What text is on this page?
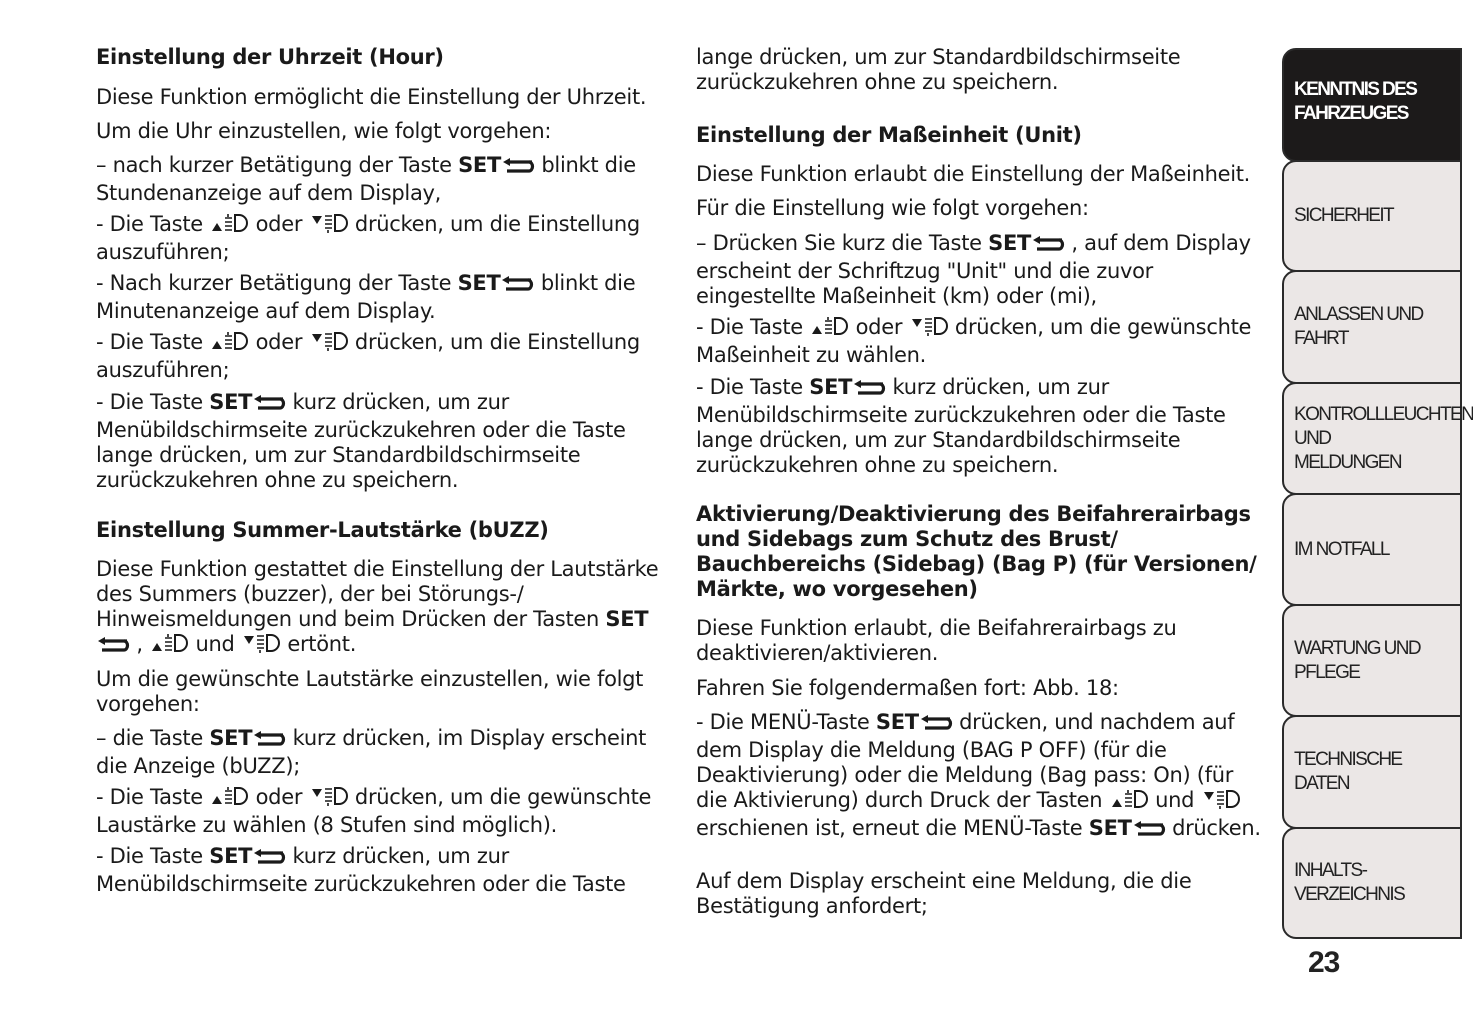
Einstellung der Uhrzeit (Hour)
Diese Funktion ermöglicht die Einstellung der Uhrzeit.
Um die Uhr einzustellen, wie folgt vorgehen:
– nach kurzer Betätigung der Taste SET blinkt die Stundenanzeige auf dem Display,
- Die Taste  oder  drücken, um die Einstellung auszuführen;
- Nach kurzer Betätigung der Taste SET blinkt die Minutenanzeige auf dem Display.
- Die Taste  oder  drücken, um die Einstellung auszuführen;
- Die Taste SET kurz drücken, um zur Menübildschirmseite zurückzukehren oder die Taste lange drücken, um zur Standardbildschirmseite zurückzukehren ohne zu speichern.
Einstellung Summer-Lautstärke (bUZZ)
Diese Funktion gestattet die Einstellung der Lautstärke des Summers (buzzer), der bei Störungs-/ Hinweismeldungen und beim Drücken der Tasten SET ,  und  ertönt.
Um die gewünschte Lautstärke einzustellen, wie folgt vorgehen:
– die Taste SET kurz drücken, im Display erscheint die Anzeige (bUZZ);
- Die Taste  oder  drücken, um die gewünschte Laustärke zu wählen (8 Stufen sind möglich).
- Die Taste SET kurz drücken, um zur Menübildschirmseite zurückzukehren oder die Taste
lange drücken, um zur Standardbildschirmseite zurückzukehren ohne zu speichern.
Einstellung der Maßeinheit (Unit)
Diese Funktion erlaubt die Einstellung der Maßeinheit.
Für die Einstellung wie folgt vorgehen:
– Drücken Sie kurz die Taste SET , auf dem Display erscheint der Schriftzug "Unit" und die zuvor eingestellte Maßeinheit (km) oder (mi),
- Die Taste  oder  drücken, um die gewünschte Maßeinheit zu wählen.
- Die Taste SET kurz drücken, um zur Menübildschirmseite zurückzukehren oder die Taste lange drücken, um zur Standardbildschirmseite zurückzukehren ohne zu speichern.
Aktivierung/Deaktivierung des Beifahrerairbags und Sidebags zum Schutz des Brust/ Bauchbereichs (Sidebag) (Bag P) (für Versionen/ Märkte, wo vorgesehen)
Diese Funktion erlaubt, die Beifahrerairbags zu deaktivieren/aktivieren.
Fahren Sie folgendermaßen fort: Abb. 18:
- Die MENÜ-Taste SET drücken, und nachdem auf dem Display die Meldung (BAG P OFF) (für die Deaktivierung) oder die Meldung (Bag pass: On) (für die Aktivierung) durch Druck der Tasten  und  erschienen ist, erneut die MENÜ-Taste SET drücken.
Auf dem Display erscheint eine Meldung, die die Bestätigung anfordert;
KENNTNIS DES FAHRZEUGES
SICHERHEIT
ANLASSEN UND FAHRT
KONTROLLLEUCHTEN UND MELDUNGEN
IM NOTFALL
WARTUNG UND PFLEGE
TECHNISCHE DATEN
INHALTS- VERZEICHNIS
23
